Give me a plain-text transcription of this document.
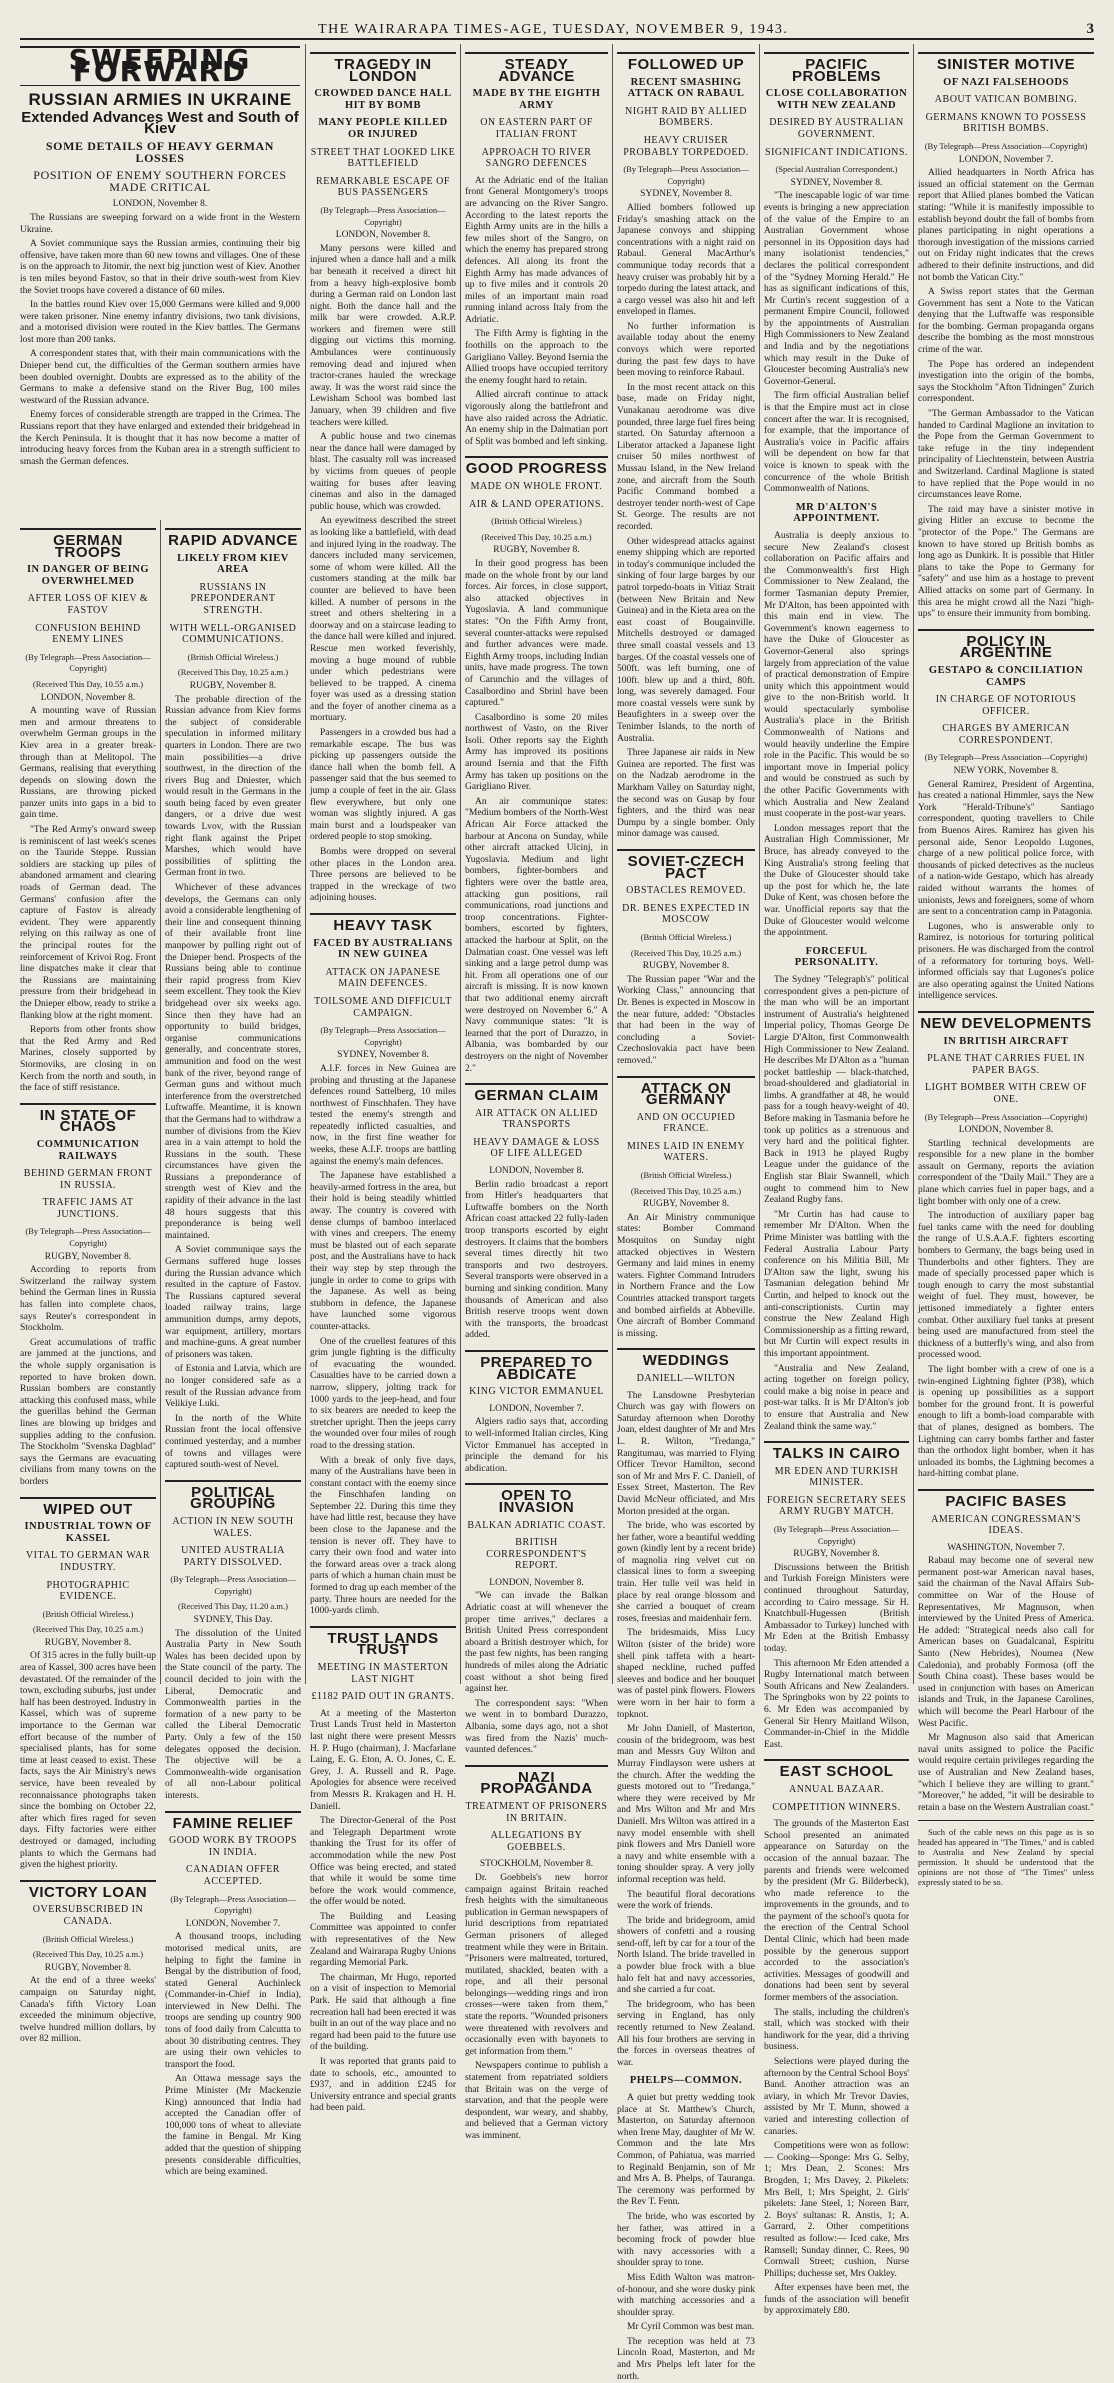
THE WAIRARAPA TIMES-AGE, TUESDAY, NOVEMBER 9, 1943.	3
SWEEPING FORWARD
RUSSIAN ARMIES IN UKRAINE
Extended Advances West and South of Kiev
SOME DETAILS OF HEAVY GERMAN LOSSES
POSITION OF ENEMY SOUTHERN FORCES MADE CRITICAL
LONDON, November 8.

The Russians are sweeping forward on a wide front in the Western Ukraine.

A Soviet communique says the Russian armies, continuing their big offensive, have taken more than 60 new towns and villages. One of these is on the approach to Jitomir, the next big junction west of Kiev. Another is ten miles beyond Fastov, so that in their drive south-west from Kiev the Soviet troops have covered a distance of 60 miles.

In the battles round Kiev over 15,000 Germans were killed and 9,000 were taken prisoner. Nine enemy infantry divisions, two tank divisions, and a motorised division were routed in the Kiev battles. The Germans lost more than 200 tanks.

A correspondent states that, with their main communications with the Dnieper bend cut, the difficulties of the German southern armies have been doubled overnight. Doubts are expressed as to the ability of the Germans to make a defensive stand on the River Bug, 100 miles westward of the Russian advance.

Enemy forces of considerable strength are trapped in the Crimea. The Russians report that they have enlarged and extended their bridgehead in the Kerch Peninsula. It is thought that it has now become a matter of introducing heavy forces from the Kuban area in a strength sufficient to smash the German defences.

GERMAN TROOPS
IN DANGER OF BEING OVERWHELMED
AFTER LOSS OF KIEV & FASTOV
CONFUSION BEHIND ENEMY LINES
(By Telegraph—Press Association—Copyright)
(Received This Day, 10.55 a.m.)
LONDON, November 8.

A mounting wave of Russian men and armour threatens to overwhelm German groups in the Kiev area in a greater break-through than at Melitopol. The Germans, realising that everything depends on slowing down the Russians, are throwing picked panzer units into gaps in a bid to gain time.

"The Red Army's onward sweep is reminiscent of last week's scenes on the Tauride Steppe. Russian soldiers are stacking up piles of abandoned armament and clearing roads of German dead. The Germans' confusion after the capture of Fastov is already evident. They were apparently relying on this railway as one of the principal routes for the reinforcement of Krivoi Rog. Front line dispatches make it clear that the Russians are maintaining pressure from their bridgehead in the Dnieper elbow, ready to strike a flanking blow at the right moment.

Reports from other fronts show that the Red Army and Red Marines, closely supported by Stormoviks, are closing in on Kerch from the north and south, in the face of stiff resistance.

IN STATE OF CHAOS
COMMUNICATION RAILWAYS
BEHIND GERMAN FRONT IN RUSSIA.
TRAFFIC JAMS AT JUNCTIONS.
(By Telegraph—Press Association—Copyright)
RUGBY, November 8.

According to reports from Switzerland the railway system behind the German lines in Russia has fallen into complete chaos, says Reuter's correspondent in Stockholm.

Great accumulations of traffic are jammed at the junctions, and the whole supply organisation is reported to have broken down. Russian bombers are constantly attacking this confused mass, while the guerillas behind the German lines are blowing up bridges and supplies adding to the confusion. The Stockholm "Svenska Dagblad" says the Germans are evacuating civilians from many towns on the borders

WIPED OUT
INDUSTRIAL TOWN OF KASSEL
VITAL TO GERMAN WAR INDUSTRY.
PHOTOGRAPHIC EVIDENCE.
(British Official Wireless.)
(Received This Day, 10.25 a.m.)
RUGBY, November 8.

Of 315 acres in the fully built-up area of Kassel, 300 acres have been devastated. Of the remainder of the town, excluding suburbs, just under half has been destroyed. Industry in Kassel, which was of supreme importance to the German war effort because of the number of specialised plants, has for some time at least ceased to exist. These facts, says the Air Ministry's news service, have been revealed by reconnaissance photographs taken since the bombing on October 22, after which fires raged for seven days. Fifty factories were either destroyed or damaged, including plants to which the Germans had given the highest priority.

VICTORY LOAN
OVERSUBSCRIBED IN CANADA.
(British Official Wireless.)
(Received This Day, 10.25 a.m.)
RUGBY, November 8.

At the end of a three weeks' campaign on Saturday night, Canada's fifth Victory Loan exceeded the minimum objective, twelve hundred million dollars, by over 82 million.

RAPID ADVANCE
LIKELY FROM KIEV AREA
RUSSIANS IN PREPONDERANT STRENGTH.
WITH WELL-ORGANISED COMMUNICATIONS.
(British Official Wireless.)
(Received This Day, 10.25 a.m.)
RUGBY, November 8.

The probable direction of the Russian advance from Kiev forms the subject of considerable speculation in informed military quarters in London. There are two main possibilities—a drive southwest, in the direction of the rivers Bug and Dniester, which would result in the Germans in the south being faced by even greater dangers, or a drive due west towards Lvov, with the Russian right flank against the Pripet Marshes, which would have possibilities of splitting the German front in two.

Whichever of these advances develops, the Germans can only avoid a considerable lengthening of their line and consequent thinning of their available front line manpower by pulling right out of the Dnieper bend. Prospects of the Russians being able to continue their rapid progress from Kiev seem excellent. They took the Kiev bridgehead over six weeks ago. Since then they have had an opportunity to build bridges, organise communications generally, and concentrate stores, ammunition and food on the west bank of the river, beyond range of German guns and without much interference from the overstretched Luftwaffe. Meantime, it is known that the Germans had to withdraw a number of divisions from the Kiev area in a vain attempt to hold the Russians in the south. These circumstances have given the Russians a preponderance of strength west of Kiev and the rapidity of their advance in the last 48 hours suggests that this preponderance is being well maintained.

A Soviet communique says the Germans suffered huge losses during the Russian advance which resulted in the capture of Fastov. The Russians captured several loaded railway trains, large ammunition dumps, army depots, war equipment, artillery, mortars and machine-guns. A great number of prisoners was taken.

of Estonia and Latvia, which are no longer considered safe as a result of the Russian advance from Velikiye Luki.

In the north of the White Russian front the local offensive continued yesterday, and a number of towns and villages were captured south-west of Nevel.

POLITICAL GROUPING
ACTION IN NEW SOUTH WALES.
UNITED AUSTRALIA PARTY DISSOLVED.
(By Telegraph—Press Association—Copyright)
(Received This Day, 11.20 a.m.)
SYDNEY, This Day.

The dissolution of the United Australia Party in New South Wales has been decided upon by the State council of the party. The council decided to join with the Liberal, Democratic and Commonwealth parties in the formation of a new party to be called the Liberal Democratic Party. Only a few of the 150 delegates opposed the decision. The objective will be a Commonwealth-wide organisation of all non-Labour political interests.

FAMINE RELIEF
GOOD WORK BY TROOPS IN INDIA.
CANADIAN OFFER ACCEPTED.
(By Telegraph—Press Association—Copyright)
LONDON, November 7.

A thousand troops, including motorised medical units, are helping to fight the famine in Bengal by the distribution of food, stated General Auchinleck (Commander-in-Chief in India), interviewed in New Delhi. The troops are sending up country 900 tons of food daily from Calcutta to about 30 distributing centres. They are using their own vehicles to transport the food.

An Ottawa message says the Prime Minister (Mr Mackenzie King) announced that India had accepted the Canadian offer of 100,000 tons of wheat to alleviate the famine in Bengal. Mr King added that the question of shipping presents considerable difficulties, which are being examined.

TRAGEDY IN LONDON
CROWDED DANCE HALL HIT BY BOMB
MANY PEOPLE KILLED OR INJURED
STREET THAT LOOKED LIKE BATTLEFIELD
REMARKABLE ESCAPE OF BUS PASSENGERS
(By Telegraph—Press Association—Copyright)
LONDON, November 8.

Many persons were killed and injured when a dance hall and a milk bar beneath it received a direct hit from a heavy high-explosive bomb during a German raid on London last night. Both the dance hall and the milk bar were crowded. A.R.P. workers and firemen were still digging out victims this morning. Ambulances were continuously removing dead and injured when tractor-cranes hauled the wreckage away. It was the worst raid since the Lewisham School was bombed last January, when 39 children and five teachers were killed.

A public house and two cinemas near the dance hall were damaged by blast. The casualty roll was increased by victims from queues of people waiting for buses after leaving cinemas and also in the damaged public house, which was crowded.

An eyewitness described the street as looking like a battlefield, with dead and injured lying in the roadway. The dancers included many servicemen, some of whom were killed. All the customers standing at the milk bar counter are believed to have been killed. A number of persons in the street and others sheltering in a doorway and on a staircase leading to the dance hall were killed and injured. Rescue men worked feverishly, moving a huge mound of rubble under which pedestrians were believed to be trapped. A cinema foyer was used as a dressing station and the foyer of another cinema as a mortuary.

Passengers in a crowded bus had a remarkable escape. The bus was picking up passengers outside the dance hall when the bomb fell. A passenger said that the bus seemed to jump a couple of feet in the air. Glass flew everywhere, but only one woman was slightly injured. A gas main burst and a loudspeaker van ordered people to stop smoking.

Bombs were dropped on several other places in the London area. Three persons are believed to be trapped in the wreckage of two adjoining houses.

HEAVY TASK
FACED BY AUSTRALIANS IN NEW GUINEA
ATTACK ON JAPANESE MAIN DEFENCES.
TOILSOME AND DIFFICULT CAMPAIGN.
(By Telegraph—Press Association—Copyright)
SYDNEY, November 8.

A.I.F. forces in New Guinea are probing and thrusting at the Japanese defences round Sattelberg, 10 miles northwest of Finschhafen. They have tested the enemy's strength and repeatedly inflicted casualties, and now, in the first fine weather for weeks, these A.I.F. troops are battling against the enemy's main defences.

The Japanese have established a heavily-armed fortress in the area, but their hold is being steadily whittled away. The country is covered with dense clumps of bamboo interlaced with vines and creepers. The enemy must be blasted out of each separate post, and the Australians have to hack their way step by step through the jungle in order to come to grips with the Japanese. As well as being stubborn in defence, the Japanese have launched some vigorous counter-attacks.

One of the cruellest features of this grim jungle fighting is the difficulty of evacuating the wounded. Casualties have to be carried down a narrow, slippery, jolting track for 1000 yards to the jeep-head, and four to six bearers are needed to keep the stretcher upright. Then the jeeps carry the wounded over four miles of rough road to the dressing station.

With a break of only five days, many of the Australians have been in constant contact with the enemy since the Finschhafen landing on September 22. During this time they have had little rest, because they have been close to the Japanese and the tension is never off. They have to carry their own food and water into the forward areas over a track along parts of which a human chain must be formed to drag up each member of the party. Three hours are needed for the 1000-yards climb.

TRUST LANDS TRUST
MEETING IN MASTERTON LAST NIGHT
£1182 PAID OUT IN GRANTS.

At a meeting of the Masterton Trust Lands Trust held in Masterton last night there were present Messrs H. P. Hugo (chairman), J. Macfarlane Laing, E. G. Eton, A. O. Jones, C. E. Grey, J. A. Russell and R. Page. Apologies for absence were received from Messrs R. Krakagen and H. H. Daniell.

The Director-General of the Post and Telegraph Department wrote thanking the Trust for its offer of accommodation while the new Post Office was being erected, and stated that while it would be some time before the work would commence, the offer would be noted.

The Building and Leasing Committee was appointed to confer with representatives of the New Zealand and Wairarapa Rugby Unions regarding Memorial Park.

The chairman, Mr Hugo, reported on a visit of inspection to Memorial Park. He said that although a fine recreation hall had been erected it was built in an out of the way place and no regard had been paid to the future use of the building.

It was reported that grants paid to date to schools, etc., amounted to £937, and in addition £245 for University entrance and special grants had been paid.

STEADY ADVANCE
MADE BY THE EIGHTH ARMY
ON EASTERN PART OF ITALIAN FRONT
APPROACH TO RIVER SANGRO DEFENCES

At the Adriatic end of the Italian front General Montgomery's troops are advancing on the River Sangro. According to the latest reports the Eighth Army units are in the hills a few miles short of the Sangro, on which the enemy has prepared strong defences. All along its front the Eighth Army has made advances of up to five miles and it controls 20 miles of an important main road running inland across Italy from the Adriatic.

The Fifth Army is fighting in the foothills on the approach to the Garigliano Valley. Beyond Isernia the Allied troops have occupied territory the enemy fought hard to retain.

Allied aircraft continue to attack vigorously along the battlefront and have also raided across the Adriatic. An enemy ship in the Dalmatian port of Split was bombed and left sinking.

GOOD PROGRESS
MADE ON WHOLE FRONT.
AIR & LAND OPERATIONS.
(British Official Wireless.)
(Received This Day, 10.25 a.m.)
RUGBY, November 8.

In their good progress has been made on the whole front by our land forces. Air forces, in close support, also attacked objectives in Yugoslavia. A land communique states: "On the Fifth Army front, several counter-attacks were repulsed and further advances were made. Eighth Army troops, including Indian units, have made progress. The town of Carunchio and the villages of Casalbordino and Sbrinl have been captured."

Casalbordino is some 20 miles northwest of Vasto, on the River Isoli. Other reports say the Eighth Army has improved its positions around Isernia and that the Fifth Army has taken up positions on the Garigliano River.

An air communique states: "Medium bombers of the North-West African Air Force attacked the harbour at Ancona on Sunday, while other aircraft attacked Ulcinj, in Yugoslavia. Medium and light bombers, fighter-bombers and fighters were over the battle area, attacking gun positions, rail communications, road junctions and troop concentrations. Fighter-bombers, escorted by fighters, attacked the harbour at Split, on the Dalmatian coast. One vessel was left sinking and a large petrol dump was hit. From all operations one of our aircraft is missing. It is now known that two additional enemy aircraft were destroyed on November 6." A Navy communique states: "It is learned that the port of Durazzo, in Albania, was bombarded by our destroyers on the night of November 2."

GERMAN CLAIM
AIR ATTACK ON ALLIED TRANSPORTS
HEAVY DAMAGE & LOSS OF LIFE ALLEGED
LONDON, November 8.

Berlin radio broadcast a report from Hitler's headquarters that Luftwaffe bombers on the North African coast attacked 22 fully-laden troop transports escorted by eight destroyers. It claims that the bombers several times directly hit two transports and two destroyers. Several transports were observed in a burning and sinking condition. Many thousands of American and also British reserve troops went down with the transports, the broadcast added.

PREPARED TO ABDICATE
KING VICTOR EMMANUEL
LONDON, November 7.

Algiers radio says that, according to well-informed Italian circles, King Victor Emmanuel has accepted in principle the demand for his abdication.

OPEN TO INVASION
BALKAN ADRIATIC COAST.
BRITISH CORRESPONDENT'S REPORT.
LONDON, November 8.

"We can invade the Balkan Adriatic coast at will whenever the proper time arrives," declares a British United Press correspondent aboard a British destroyer which, for the past few nights, has been ranging hundreds of miles along the Adriatic coast without a shot being fired against her.

The correspondent says: "When we went in to bombard Durazzo, Albania, some days ago, not a shot was fired from the Nazis' much-vaunted defences."

NAZI PROPAGANDA
TREATMENT OF PRISONERS IN BRITAIN.
ALLEGATIONS BY GOEBBELS.
STOCKHOLM, November 8.

Dr. Goebbels's new horror campaign against Britain reached fresh heights with the simultaneous publication in German newspapers of lurid descriptions from repatriated German prisoners of alleged treatment while they were in Britain. "Prisoners were maltreated, tortured, mutilated, shackled, beaten with a rope, and all their personal belongings—wedding rings and iron crosses—were taken from them," state the reports. "Wounded prisoners were threatened with revolvers and occasionally even with bayonets to get information from them."

Newspapers continue to publish a statement from repatriated soldiers that Britain was on the verge of starvation, and that the people were despondent, war weary, and shabby, and believed that a German victory was imminent.

FOLLOWED UP
RECENT SMASHING ATTACK ON RABAUL
NIGHT RAID BY ALLIED BOMBERS.
HEAVY CRUISER PROBABLY TORPEDOED.
(By Telegraph—Press Association—Copyright)
SYDNEY, November 8.

Allied bombers followed up Friday's smashing attack on the Japanese convoys and shipping concentrations with a night raid on Rabaul. General MacArthur's communique today records that a heavy cruiser was probably hit by a torpedo during the latest attack, and a cargo vessel was also hit and left enveloped in flames.

No further information is available today about the enemy convoys which were reported during the past few days to have been moving to reinforce Rabaul.

In the most recent attack on this base, made on Friday night, Vunakanau aerodrome was dive pounded, three large fuel fires being started. On Saturday afternoon a Liberator attacked a Japanese light cruiser 50 miles northwest of Mussau Island, in the New Ireland zone, and aircraft from the South Pacific Command bombed a destroyer tender north-west of Cape St. George. The results are not recorded.

Other widespread attacks against enemy shipping which are reported in today's communique included the sinking of four large barges by our patrol torpedo-boats in Vitiaz Strait (between New Britain and New Guinea) and in the Kieta area on the east coast of Bougainville. Mitchells destroyed or damaged three small coastal vessels and 13 barges. Of the coastal vessels one of 500ft. was left burning, one of 100ft. blew up and a third, 80ft. long, was severely damaged. Four more coastal vessels were sunk by Beaufighters in a sweep over the Tenimber Islands, to the north of Australia.

Three Japanese air raids in New Guinea are reported. The first was on the Nadzab aerodrome in the Markham Valley on Saturday night, the second was on Gusap by four fighters, and the third was near Dumpu by a single bomber. Only minor damage was caused.

SOVIET-CZECH PACT
OBSTACLES REMOVED.
DR. BENES EXPECTED IN MOSCOW
(British Official Wireless.)
(Received This Day, 10.25 a.m.)
RUGBY, November 8.

The Russian paper "War and the Working Class," announcing that Dr. Benes is expected in Moscow in the near future, added: "Obstacles that had been in the way of concluding a Soviet-Czechoslovakia pact have been removed."

ATTACK ON GERMANY
AND ON OCCUPIED FRANCE.
MINES LAID IN ENEMY WATERS.
(British Official Wireless.)
(Received This Day, 10.25 a.m.)
RUGBY, November 8.

An Air Ministry communique states: Bomber Command Mosquitos on Sunday night attacked objectives in Western Germany and laid mines in enemy waters. Fighter Command Intruders in Northern France and the Low Countries attacked transport targets and bombed airfields at Abbeville. One aircraft of Bomber Command is missing.

WEDDINGS
DANIELL—WILTON

The Lansdowne Presbyterian Church was gay with flowers on Saturday afternoon when Dorothy Joan, eldest daughter of Mr and Mrs L. R. Wilton, "Tredanga," Rangitumau, was married to Flying Officer Trevor Hamilton, second son of Mr and Mrs F. C. Daniell, of Essex Street, Masterton. The Rev David McNeur officiated, and Mrs Morton presided at the organ.

The bride, who was escorted by her father, wore a beautiful wedding gown (kindly lent by a recent bride) of magnolia ring velvet cut on classical lines to form a sweeping train. Her tulle veil was held in place by real orange blossom and she carried a bouquet of cream roses, freesias and maidenhair fern.

The bridesmaids, Miss Lucy Wilton (sister of the bride) wore shell pink taffeta with a heart-shaped neckline, ruched puffed sleeves and bodice and her bouquet was of pastel pink flowers. Flowers were worn in her hair to form a topknot.

Mr John Daniell, of Masterton, cousin of the bridegroom, was best man and Messrs Guy Wilton and Murray Findlayson were ushers at the church. After the wedding the guests motored out to "Tredanga," where they were received by Mr and Mrs Wilton and Mr and Mrs Daniell. Mrs Wilton was attired in a navy model ensemble with shell pink flowers and Mrs Daniell wore a navy and white ensemble with a toning shoulder spray. A very jolly informal reception was held.

The beautiful floral decorations were the work of friends.

The bride and bridegroom, amid showers of confetti and a rousing send-off, left by car for a tour of the North Island. The bride travelled in a powder blue frock with a blue halo felt hat and navy accessories, and she carried a fur coat.

The bridegroom, who has been serving in England, has only recently returned to New Zealand. All his four brothers are serving in the forces in overseas theatres of war.

PHELPS—COMMON.

A quiet but pretty wedding took place at St. Matthew's Church, Masterton, on Saturday afternoon when Irene May, daughter of Mr W. Common and the late Mrs Common, of Pahiatua, was married to Reginald Benjamin, son of Mr and Mrs A. B. Phelps, of Tauranga. The ceremony was performed by the Rev T. Fenn.

The bride, who was escorted by her father, was attired in a becoming frock of powder blue with navy accessories with a shoulder spray to tone.

Miss Edith Walton was matron-of-honour, and she wore dusky pink with matching accessories and a shoulder spray.

Mr Cyril Common was best man.

The reception was held at 73 Lincoln Road, Masterton, and Mr and Mrs Phelps left later for the north.

PACIFIC PROBLEMS
CLOSE COLLABORATION WITH NEW ZEALAND
DESIRED BY AUSTRALIAN GOVERNMENT.
SIGNIFICANT INDICATIONS.
(Special Australian Correspondent.)
SYDNEY, November 8.

"The inescapable logic of war time events is bringing a new appreciation of the value of the Empire to an Australian Government whose personnel in its Opposition days had many isolationist tendencies," declares the political correspondent of the "Sydney Morning Herald." He has as significant indications of this, Mr Curtin's recent suggestion of a permanent Empire Council, followed by the appointments of Australian High Commissioners to New Zealand and India and by the negotiations which may result in the Duke of Gloucester becoming Australia's new Governor-General.

The firm official Australian belief is that the Empire must act in close concert after the war. It is recognised, for example, that the importance of Australia's voice in Pacific affairs will be dependent on how far that voice is known to speak with the concurrence of the whole British Commonwealth of Nations.

MR D'ALTON'S APPOINTMENT.

Australia is deeply anxious to secure New Zealand's closest collaboration on Pacific affairs and the Commonwealth's first High Commissioner to New Zealand, the former Tasmanian deputy Premier, Mr D'Alton, has been appointed with this main end in view. The Government's known eagerness to have the Duke of Gloucester as Governor-General also springs largely from appreciation of the value of practical demonstration of Empire unity which this appointment would give to the non-British world. It would spectacularly symbolise Australia's place in the British Commonwealth of Nations and would heavily underline the Empire role in the Pacific. This would be so important move in Imperial policy and would be construed as such by the other Pacific Governments with which Australia and New Zealand must cooperate in the post-war years.

London messages report that the Australian High Commissioner, Mr Bruce, has already conveyed to the King Australia's strong feeling that the Duke of Gloucester should take up the post for which he, the late Duke of Kent, was chosen before the war. Unofficial reports say that the Duke of Gloucester would welcome the appointment.

FORCEFUL PERSONALITY.

The Sydney "Telegraph's" political correspondent gives a pen-picture of the man who will be an important instrument of Australia's heightened Imperial policy, Thomas George De Largie D'Alton, first Commonwealth High Commissioner to New Zealand. He describes Mr D'Alton as a "human pocket battleship — black-thatched, broad-shouldered and gladiatorial in limbs. A grandfather at 48, he would pass for a tough heavy-weight of 40. Before making in Tasmania before he took up politics as a strenuous and very hard and the political fighter. Back in 1913 he played Rugby League under the guidance of the English star Blair Swannell, which ought to commend him to New Zealand Rugby fans.

"Mr Curtin has had cause to remember Mr D'Alton. When the Prime Minister was battling with the Federal Australia Labour Party conference on his Militia Bill, Mr D'Alton saw the light, swung his Tasmanian delegation behind Mr Curtin, and helped to knock out the anti-conscriptionists. Curtin may construe the New Zealand High Commissionership as a fitting reward, but Mr Curtin will expect results in this important appointment.

"Australia and New Zealand, acting together on foreign policy, could make a big noise in peace and post-war talks. It is Mr D'Alton's job to ensure that Australia and New Zealand think the same way."

TALKS IN CAIRO
MR EDEN AND TURKISH MINISTER.
FOREIGN SECRETARY SEES ARMY RUGBY MATCH.
(By Telegraph—Press Association—Copyright)
RUGBY, November 8.

Discussions between the British and Turkish Foreign Ministers were continued throughout Saturday, according to Cairo message. Sir H. Knatchbull-Hugessen (British Ambassador to Turkey) lunched with Mr Eden at the British Embassy today.

This afternoon Mr Eden attended a Rugby International match between South Africans and New Zealanders. The Springboks won by 22 points to 6. Mr Eden was accompanied by General Sir Henry Maitland Wilson, Commander-in-Chief in the Middle East.

EAST SCHOOL
ANNUAL BAZAAR.
COMPETITION WINNERS.

The grounds of the Masterton East School presented an animated appearance on Saturday on the occasion of the annual bazaar. The parents and friends were welcomed by the president (Mr G. Bilderbeck), who made reference to the improvements in the grounds, and to the payment of the school's quota for the erection of the Central School Dental Clinic, which had been made possible by the generous support accorded to the association's activities. Messages of goodwill and donations had been sent by several former members of the association.

The stalls, including the children's stall, which was stocked with their handiwork for the year, did a thriving business.

Selections were played during the afternoon by the Central School Boys' Band. Another attraction was an aviary, in which Mr Trevor Davies, assisted by Mr T. Munn, showed a varied and interesting collection of canaries.

Competitions were won as follow:— Cooking—Sponge: Mrs G. Selby, 1; Mrs Dean, 2. Scones: Mrs Brogden, 1; Mrs Davey, 2. Pikelets: Mrs Bell, 1; Mrs Speight, 2. Girls' pikelets: Jane Steel, 1; Noreen Barr, 2. Boys' sultanas: R. Anstis, 1; A. Garrard, 2. Other competitions resulted as follow:— Iced cake, Mrs Ramsell; Sunday dinner, C. Rees, 90 Cornwall Street; cushion, Nurse Phillips; duchesse set, Mrs Oakley.

After expenses have been met, the funds of the association will benefit by approximately £80.

SINISTER MOTIVE
OF NAZI FALSEHOODS
ABOUT VATICAN BOMBING.
GERMANS KNOWN TO POSSESS BRITISH BOMBS.
(By Telegraph—Press Association—Copyright)
LONDON, November 7.

Allied headquarters in North Africa has issued an official statement on the German report that Allied planes bombed the Vatican stating: "While it is manifestly impossible to establish beyond doubt the fall of bombs from planes participating in night operations a thorough investigation of the missions carried out on Friday night indicates that the crews adhered to their definite instructions, and did not bomb the Vatican City."

A Swiss report states that the German Government has sent a Note to the Vatican denying that the Luftwaffe was responsible for the bombing. German propaganda organs describe the bombing as the most monstrous crime of the war.

The Pope has ordered an independent investigation into the origin of the bombs, says the Stockholm "Afton Tidningen" Zurich correspondent.

"The German Ambassador to the Vatican handed to Cardinal Maglione an invitation to the Pope from the German Government to take refuge in the tiny independent principality of Liechtenstein, between Austria and Switzerland. Cardinal Maglione is stated to have replied that the Pope would in no circumstances leave Rome.

The raid may have a sinister motive in giving Hitler an excuse to become the "protector of the Pope." The Germans are known to have stored up British bombs as long ago as Dunkirk. It is possible that Hitler plans to take the Pope to Germany for "safety" and use him as a hostage to prevent Allied attacks on some part of Germany. In this area he might crowd all the Nazi "high-ups" to ensure their immunity from bombing.

POLICY IN ARGENTINE
GESTAPO & CONCILIATION CAMPS
IN CHARGE OF NOTORIOUS OFFICER.
CHARGES BY AMERICAN CORRESPONDENT.
(By Telegraph—Press Association—Copyright)
NEW YORK, November 8.

General Ramirez, President of Argentina, has created a national Himmler, says the New York "Herald-Tribune's" Santiago correspondent, quoting travellers to Chile from Buenos Aires. Ramirez has given his personal aide, Senor Leopoldo Lugones, charge of a new political police force, with thousands of picked detectives as the nucleus of a nation-wide Gestapo, which has already raided without warrants the homes of unionists, Jews and foreigners, some of whom are sent to a concentration camp in Patagonia.

Lugones, who is answerable only to Ramirez, is notorious for torturing political prisoners. He was discharged from the control of a reformatory for torturing boys. Well-informed officials say that Lugones's police are also operating against the United Nations intelligence services.

NEW DEVELOPMENTS
IN BRITISH AIRCRAFT
PLANE THAT CARRIES FUEL IN PAPER BAGS.
LIGHT BOMBER WITH CREW OF ONE.
(By Telegraph—Press Association—Copyright)
LONDON, November 8.

Startling technical developments are responsible for a new plane in the bomber assault on Germany, reports the aviation correspondent of the "Daily Mail." They are a plane which carries fuel in paper bags, and a light bomber with only one of a crew.

The introduction of auxiliary paper bag fuel tanks came with the need for doubling the range of U.S.A.A.F. fighters escorting bombers to Germany, the bags being used in Thunderbolts and other fighters. They are made of specially processed paper which is tough enough to carry the most substantial weight of fuel. They must, however, be jettisoned immediately a fighter enters combat. Other auxiliary fuel tanks at present being used are manufactured from steel the thickness of a butterfly's wing, and also from processed wood.

The light bomber with a crew of one is a twin-engined Lightning fighter (P38), which is opening up possibilities as a support bomber for the ground front. It is powerful enough to lift a bomb-load comparable with that of planes, designed as bombers. The Lightning can carry bombs farther and faster than the orthodox light bomber, when it has unloaded its bombs, the Lightning becomes a hard-hitting combat plane.

PACIFIC BASES
AMERICAN CONGRESSMAN'S IDEAS.
WASHINGTON, November 7.

Rabaul may become one of several new permanent post-war American naval bases, said the chairman of the Naval Affairs Sub-committee on War of the House of Representatives, Mr Magnuson, when interviewed by the United Press of America. He added: "Strategical needs also call for American bases on Guadalcanal, Espiritu Santo (New Hebrides), Noumea (New Caledonia), and probably Formosa (off the South China coast). These bases would be used in conjunction with bases on American islands and Truk, in the Japanese Carolines, which will become the Pearl Harbour of the West Pacific.

Mr Magnuson also said that American naval units assigned to police the Pacific would require certain privileges regarding the use of Australian and New Zealand bases, "which I believe they are willing to grant." "Moreover," he added, "it will be desirable to retain a base on the Western Australian coast."

Such of the cable news on this page as is so headed has appeared in "The Times," and is cabled to Australia and New Zealand by special permission. It should be understood that the opinions are not those of "The Times" unless expressly stated to be so.
